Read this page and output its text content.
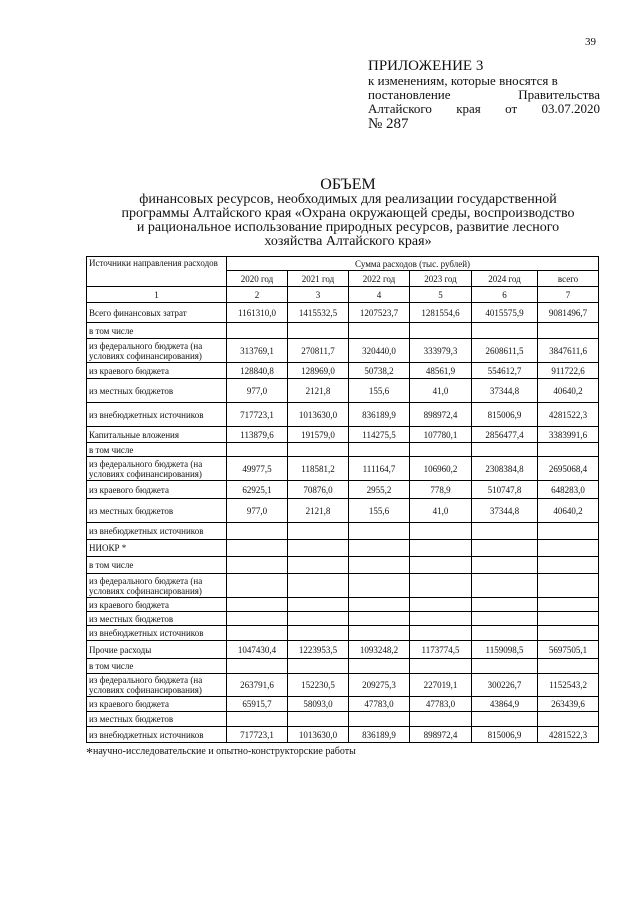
39
ПРИЛОЖЕНИЕ 3
к изменениям, которые вносятся в
постановление	Правительства
Алтайского края от 03.07.2020
№ 287
ОБЪЕМ
финансовых ресурсов, необходимых для реализации государственной
программы Алтайского края «Охрана окружающей среды, воспроизводство
и рациональное использование природных ресурсов, развитие лесного
хозяйства Алтайского края»
Источники направления расходов	Сумма расходов (тыс. рублей)					
	2020 год	2021 год	2022 год	2023 год	2024 год	всего
1	2	3	4	5	6	7
Всего финансовых затрат	1161310,0	1415532,5	1207523,7	1281554,6	4015575,9	9081496,7
в том числе						
из федерального бюджета (на условиях софинансирования)	313769,1	270811,7	320440,0	333979,3	2608611,5	3847611,6
из краевого бюджета	128840,8	128969,0	50738,2	48561,9	554612,7	911722,6
из местных бюджетов	977,0	2121,8	155,6	41,0	37344,8	40640,2
из внебюджетных источников	717723,1	1013630,0	836189,9	898972,4	815006,9	4281522,3
Капитальные вложения	113879,6	191579,0	114275,5	107780,1	2856477,4	3383991,6
в том числе						
из федерального бюджета (на условиях софинансирования)	49977,5	118581,2	111164,7	106960,2	2308384,8	2695068,4
из краевого бюджета	62925,1	70876,0	2955,2	778,9	510747,8	648283,0
из местных бюджетов	977,0	2121,8	155,6	41,0	37344,8	40640,2
из внебюджетных источников						
НИОКР *						
в том числе						
из федерального бюджета (на условиях софинансирования)						
из краевого бюджета						
из местных бюджетов						
из внебюджетных источников						
Прочие расходы	1047430,4	1223953,5	1093248,2	1173774,5	1159098,5	5697505,1
в том числе						
из федерального бюджета (на условиях софинансирования)	263791,6	152230,5	209275,3	227019,1	300226,7	1152543,2
из краевого бюджета	65915,7	58093,0	47783,0	47783,0	43864,9	263439,6
из местных бюджетов						
из внебюджетных источников	717723,1	1013630,0	836189,9	898972,4	815006,9	4281522,3
*научно-исследовательские и опытно-конструкторские работы
